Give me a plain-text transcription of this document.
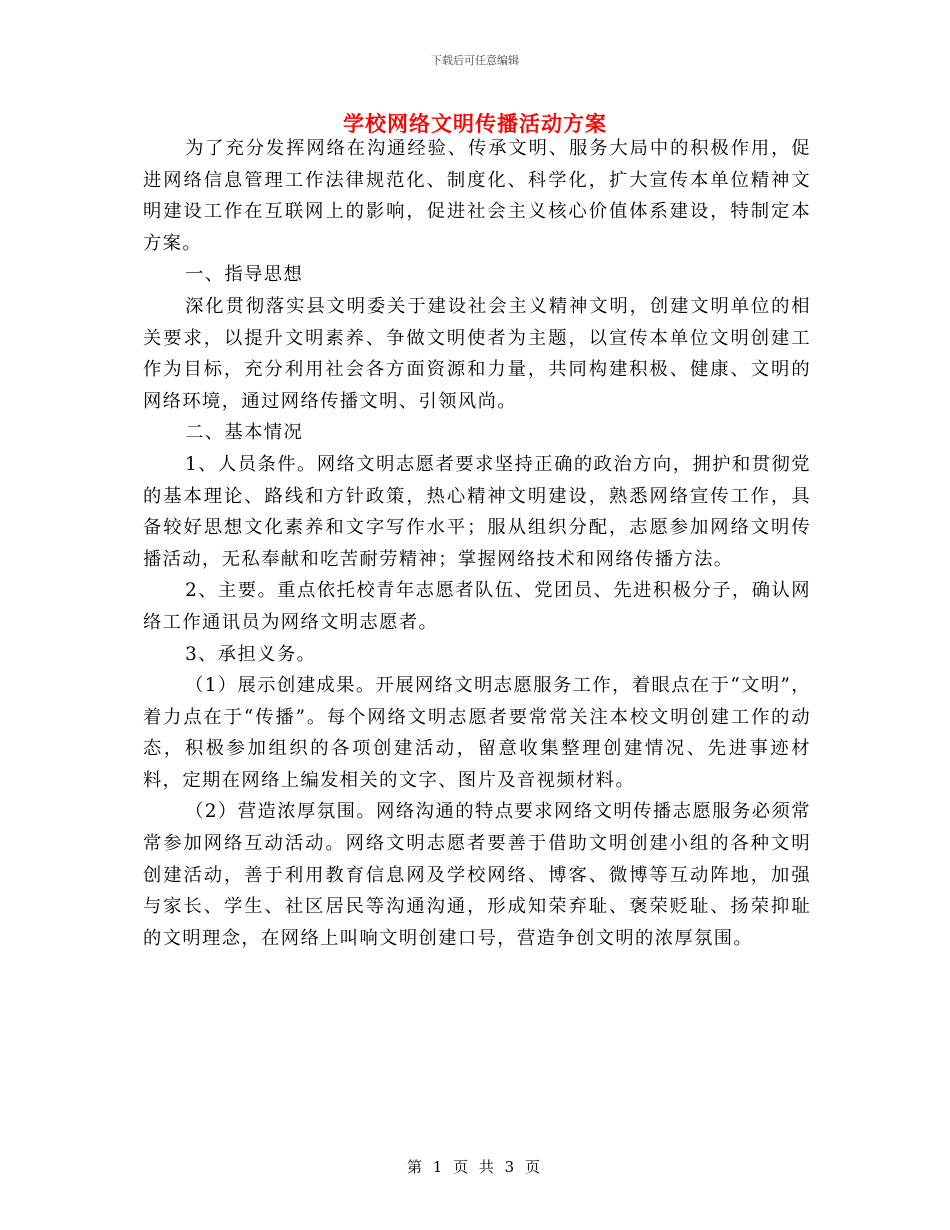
下载后可任意编辑
学校网络文明传播活动方案

为了充分发挥网络在沟通经验、传承文明、服务大局中的积极作用，促进网络信息管理工作法律规范化、制度化、科学化，扩大宣传本单位精神文明建设工作在互联网上的影响，促进社会主义核心价值体系建设，特制定本方案。

一、指导思想

深化贯彻落实县文明委关于建设社会主义精神文明，创建文明单位的相关要求，以提升文明素养、争做文明使者为主题，以宣传本单位文明创建工作为目标，充分利用社会各方面资源和力量，共同构建积极、健康、文明的网络环境，通过网络传播文明、引领风尚。

二、基本情况

1、人员条件。网络文明志愿者要求坚持正确的政治方向，拥护和贯彻党的基本理论、路线和方针政策，热心精神文明建设，熟悉网络宣传工作，具备较好思想文化素养和文字写作水平；服从组织分配，志愿参加网络文明传播活动，无私奉献和吃苦耐劳精神；掌握网络技术和网络传播方法。

2、主要。重点依托校青年志愿者队伍、党团员、先进积极分子，确认网络工作通讯员为网络文明志愿者。

3、承担义务。

（1）展示创建成果。开展网络文明志愿服务工作，着眼点在于“文明”，着力点在于“传播”。每个网络文明志愿者要常常关注本校文明创建工作的动态，积极参加组织的各项创建活动，留意收集整理创建情况、先进事迹材料，定期在网络上编发相关的文字、图片及音视频材料。

（2）营造浓厚氛围。网络沟通的特点要求网络文明传播志愿服务必须常常参加网络互动活动。网络文明志愿者要善于借助文明创建小组的各种文明创建活动，善于利用教育信息网及学校网络、博客、微博等互动阵地，加强与家长、学生、社区居民等沟通沟通，形成知荣弃耻、褒荣贬耻、扬荣抑耻的文明理念，在网络上叫响文明创建口号，营造争创文明的浓厚氛围。

第 1 页 共 3 页
